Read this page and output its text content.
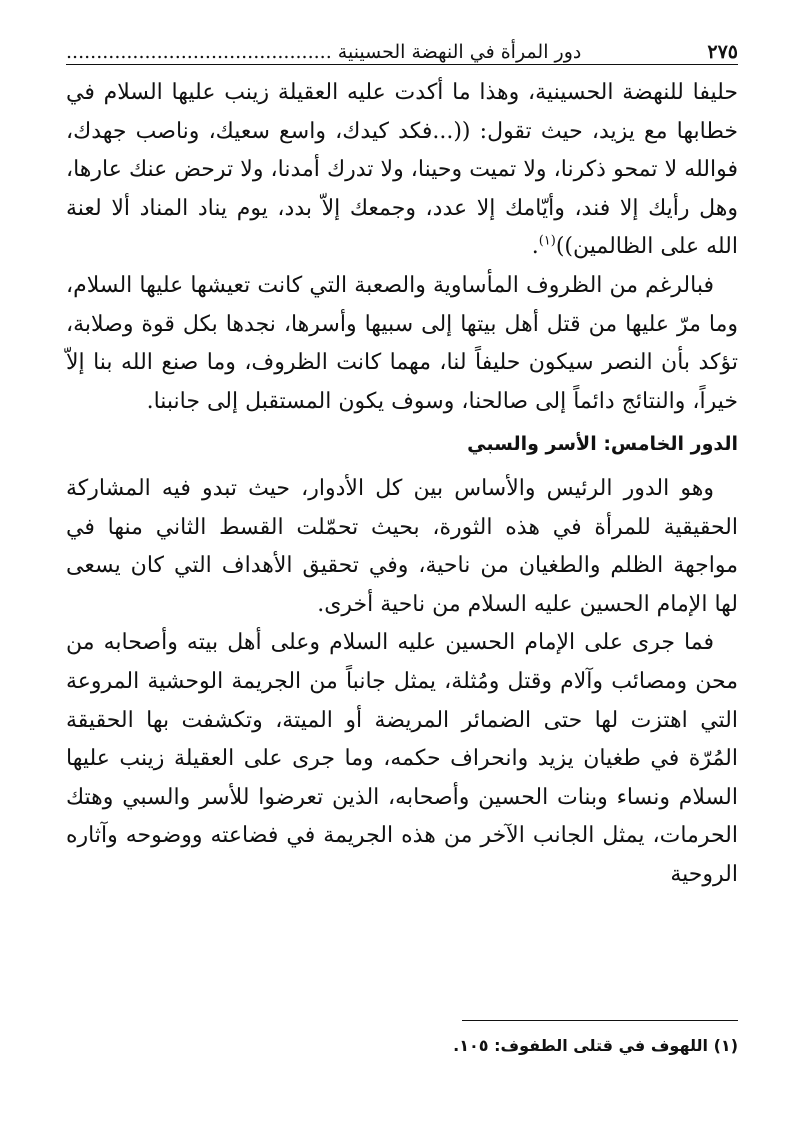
٢٧٥
دور المرأة في النهضة الحسينية ............................................

حليفا للنهضة الحسينية، وهذا ما أكدت عليه العقيلة زينب عليها السلام في خطابها مع يزيد، حيث تقول: ((...فكد كيدك، واسع سعيك، وناصب جهدك، فوالله لا تمحو ذكرنا، ولا تميت وحينا، ولا تدرك أمدنا، ولا ترحض عنك عارها، وهل رأيك إلا فند، وأيّامك إلا عدد، وجمعك إلاّ بدد، يوم يناد المناد ألا لعنة الله على الظالمين))$^{(١)}$.

فبالرغم من الظروف المأساوية والصعبة التي كانت تعيشها عليها السلام، وما مرّ عليها من قتل أهل بيتها إلى سبيها وأسرها، نجدها بكل قوة وصلابة، تؤكد بأن النصر سيكون حليفاً لنا، مهما كانت الظروف، وما صنع الله بنا إلاّ خيراً، والنتائج دائماً إلى صالحنا، وسوف يكون المستقبل إلى جانبنا.

الدور الخامس: الأسر والسبي

وهو الدور الرئيس والأساس بين كل الأدوار، حيث تبدو فيه المشاركة الحقيقية للمرأة في هذه الثورة، بحيث تحمّلت القسط الثاني منها في مواجهة الظلم والطغيان من ناحية، وفي تحقيق الأهداف التي كان يسعى لها الإمام الحسين عليه السلام من ناحية أخرى.

فما جرى على الإمام الحسين عليه السلام وعلى أهل بيته وأصحابه من محن ومصائب وآلام وقتل ومُثلة، يمثل جانباً من الجريمة الوحشية المروعة التي اهتزت لها حتى الضمائر المريضة أو الميتة، وتكشفت بها الحقيقة المُرّة في طغيان يزيد وانحراف حكمه، وما جرى على العقيلة زينب عليها السلام ونساء وبنات الحسين وأصحابه، الذين تعرضوا للأسر والسبي وهتك الحرمات، يمثل الجانب الآخر من هذه الجريمة في فضاعته ووضوحه وآثاره الروحية

(١) اللهوف في قتلى الطفوف: ١٠٥.
